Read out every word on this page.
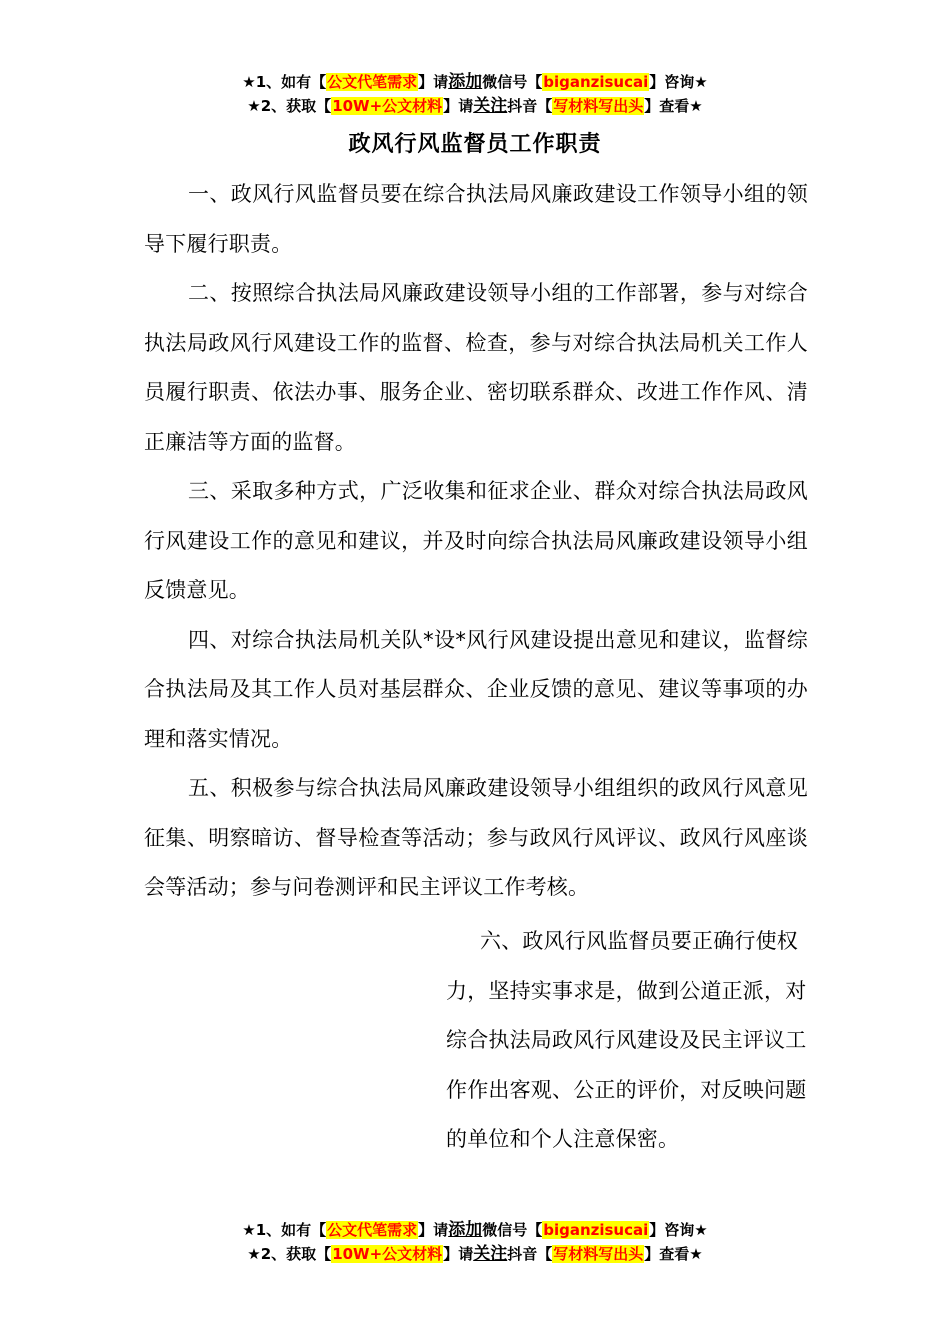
★1、如有【公文代笔需求】请添加微信号【biganzisucai】咨询★
★2、获取【10W+公文材料】请关注抖音【写材料写出头】查看★
政风行风监督员工作职责

一、政风行风监督员要在综合执法局风廉政建设工作领导小组的领导下履行职责。

二、按照综合执法局风廉政建设领导小组的工作部署，参与对综合执法局政风行风建设工作的监督、检查，参与对综合执法局机关工作人员履行职责、依法办事、服务企业、密切联系群众、改进工作作风、清正廉洁等方面的监督。

三、采取多种方式，广泛收集和征求企业、群众对综合执法局政风行风建设工作的意见和建议，并及时向综合执法局风廉政建设领导小组反馈意见。

四、对综合执法局机关队*设*风行风建设提出意见和建议，监督综合执法局及其工作人员对基层群众、企业反馈的意见、建议等事项的办理和落实情况。

五、积极参与综合执法局风廉政建设领导小组组织的政风行风意见征集、明察暗访、督导检查等活动；参与政风行风评议、政风行风座谈会等活动；参与问卷测评和民主评议工作考核。

六、政风行风监督员要正确行使权力，坚持实事求是，做到公道正派，对综合执法局政风行风建设及民主评议工作作出客观、公正的评价，对反映问题的单位和个人注意保密。

★1、如有【公文代笔需求】请添加微信号【biganzisucai】咨询★
★2、获取【10W+公文材料】请关注抖音【写材料写出头】查看★
